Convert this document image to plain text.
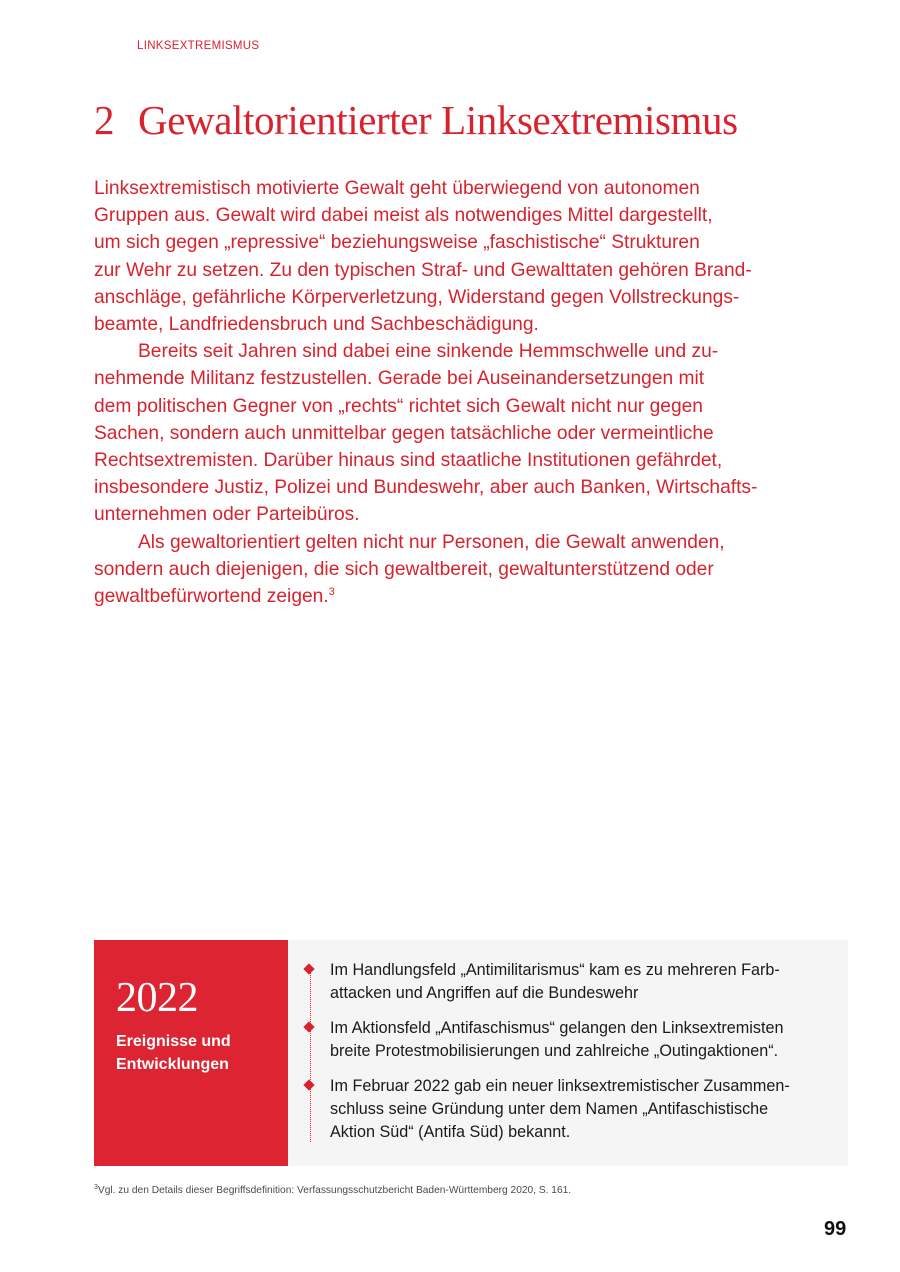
LINKSEXTREMISMUS
2 Gewaltorientierter Linksextremismus

Linksextremistisch motivierte Gewalt geht überwiegend von autonomen
Gruppen aus. Gewalt wird dabei meist als notwendiges Mittel dargestellt,
um sich gegen „repressive“ beziehungsweise „faschistische“ Strukturen
zur Wehr zu setzen. Zu den typischen Straf- und Gewalttaten gehören Brand-
anschläge, gefährliche Körperverletzung, Widerstand gegen Vollstreckungs-
beamte, Landfriedensbruch und Sachbeschädigung.

Bereits seit Jahren sind dabei eine sinkende Hemmschwelle und zu-
nehmende Militanz festzustellen. Gerade bei Auseinandersetzungen mit
dem politischen Gegner von „rechts“ richtet sich Gewalt nicht nur gegen
Sachen, sondern auch unmittelbar gegen tatsächliche oder vermeintliche
Rechtsextremisten. Darüber hinaus sind staatliche Institutionen gefährdet,
insbesondere Justiz, Polizei und Bundeswehr, aber auch Banken, Wirtschafts-
unternehmen oder Parteibüros.

Als gewaltorientiert gelten nicht nur Personen, die Gewalt anwenden,
sondern auch diejenigen, die sich gewaltbereit, gewaltunterstützend oder
gewaltbefürwortend zeigen.$^3$

2022
Ereignisse und
Entwicklungen
Im Handlungsfeld „Antimilitarismus“ kam es zu mehreren Farb-
attacken und Angriffen auf die Bundeswehr
Im Aktionsfeld „Antifaschismus“ gelangen den Linksextremisten
breite Protestmobilisierungen und zahlreiche „Outingaktionen“.
Im Februar 2022 gab ein neuer linksextremistischer Zusammen-
schluss seine Gründung unter dem Namen „Antifaschistische
Aktion Süd“ (Antifa Süd) bekannt.
$^3$Vgl. zu den Details dieser Begriffsdefinition: Verfassungsschutzbericht Baden-Württemberg 2020, S. 161.
99
